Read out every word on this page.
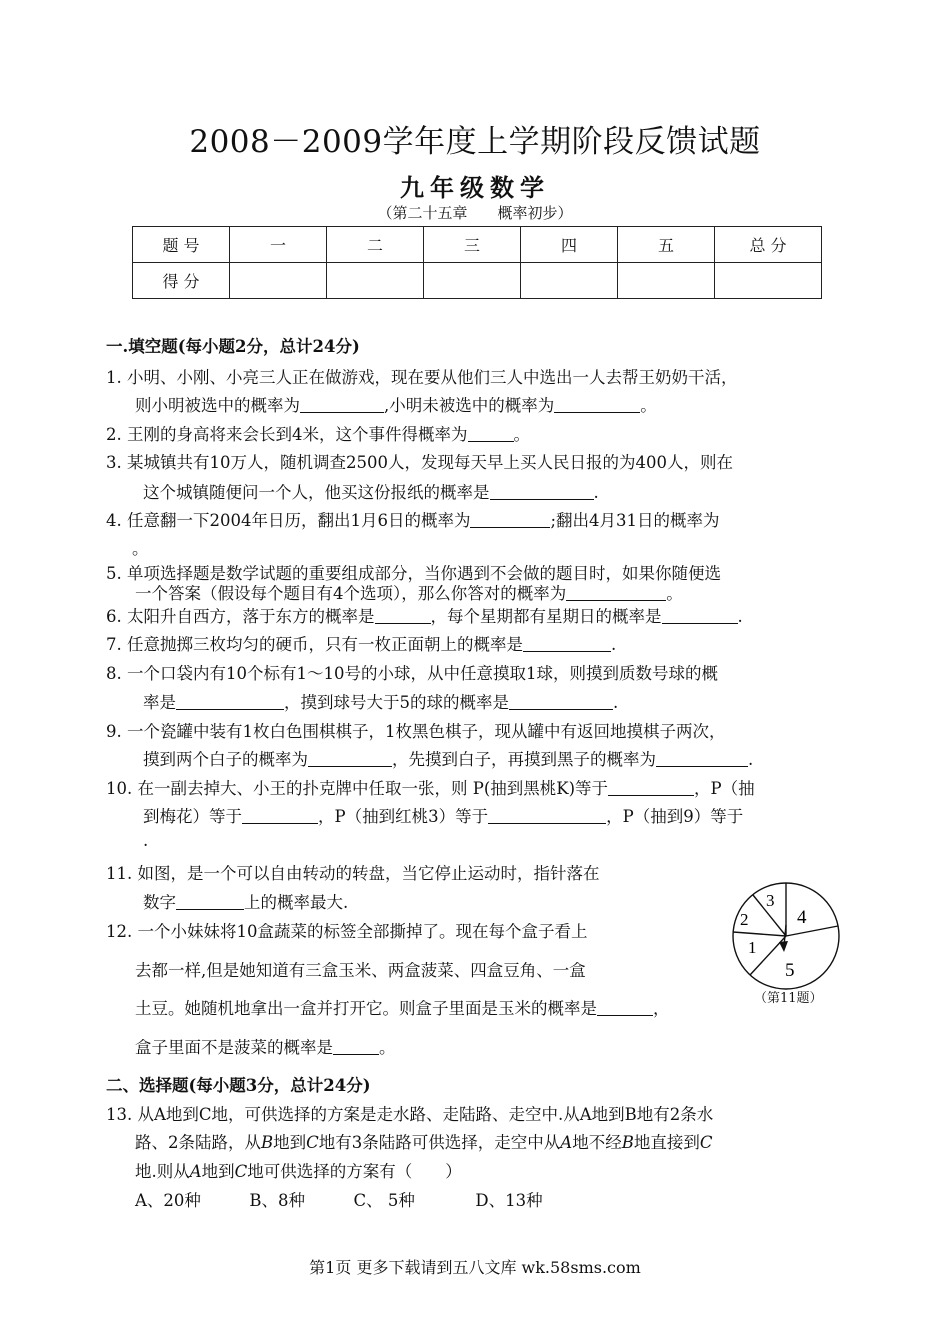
2008－2009学年度上学期阶段反馈试题
九年级数学
（第二十五章　　概率初步）
题 号	一	二	三	四	五	总 分
得 分						
一.填空题(每小题2分，总计24分)
1. 小明、小刚、小亮三人正在做游戏，现在要从他们三人中选出一人去帮王奶奶干活，
则小明被选中的概率为	,小明未被选中的概率为	。
2. 王刚的身高将来会长到4米，这个事件得概率为	。
3. 某城镇共有10万人，随机调查2500人，发现每天早上买人民日报的为400人，则在
这个城镇随便问一个人，他买这份报纸的概率是	.
4. 任意翻一下2004年日历，翻出1月6日的概率为	;翻出4月31日的概率为
。
5. 单项选择题是数学试题的重要组成部分，当你遇到不会做的题目时，如果你随便选
一个答案（假设每个题目有4个选项），那么你答对的概率为	。
6. 太阳升自西方，落于东方的概率是	，每个星期都有星期日的概率是	.
7. 任意抛掷三枚均匀的硬币，只有一枚正面朝上的概率是	.
8. 一个口袋内有10个标有1～10号的小球，从中任意摸取1球，则摸到质数号球的概
率是	，摸到球号大于5的球的概率是	.
9. 一个瓷罐中装有1枚白色围棋棋子，1枚黑色棋子，现从罐中有返回地摸棋子两次，
摸到两个白子的概率为	，先摸到白子，再摸到黑子的概率为	.
10. 在一副去掉大、小王的扑克牌中任取一张，则 P(抽到黑桃K)等于	，P（抽
到梅花）等于	，P（抽到红桃3）等于	，P（抽到9）等于
.
11. 如图，是一个可以自由转动的转盘，当它停止运动时，指针落在
数字	上的概率最大.
12. 一个小妹妹将10盒蔬菜的标签全部撕掉了。现在每个盒子看上
去都一样,但是她知道有三盒玉米、两盒菠菜、四盒豆角、一盒
土豆。她随机地拿出一盒并打开它。则盒子里面是玉米的概率是	，
盒子里面不是菠菜的概率是	。
3
4
2
1
5
（第11题）
二、选择题(每小题3分，总计24分)
13. 从A地到C地，可供选择的方案是走水路、走陆路、走空中.从A地到B地有2条水
路、2条陆路，从B地到C地有3条陆路可供选择，走空中从A地不经B地直接到C
地.则从A地到C地可供选择的方案有（　　）
A、20种	B、8种	C、 5种	D、13种
第1页 更多下载请到五八文库 wk.58sms.com
